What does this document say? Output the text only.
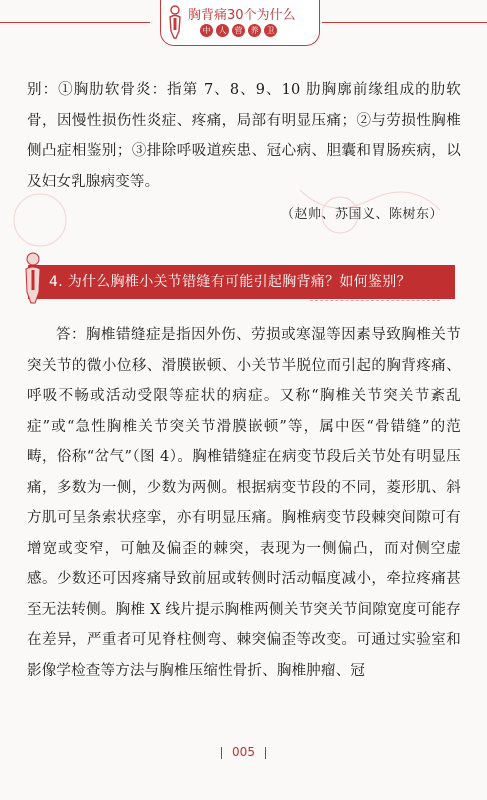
胸背痛30个为什么
中	人	营	养	卫

别：①胸肋软骨炎：指第 7、8、9、10 肋胸廓前缘组成的肋软骨，因慢性损伤性炎症、疼痛，局部有明显压痛；②与劳损性胸椎侧凸症相鉴别；③排除呼吸道疾患、冠心病、胆囊和胃肠疾病，以及妇女乳腺病变等。

（赵帅、苏国义、陈树东）
4. 为什么胸椎小关节错缝有可能引起胸背痛？如何鉴别？

答：胸椎错缝症是指因外伤、劳损或寒湿等因素导致胸椎关节突关节的微小位移、滑膜嵌顿、小关节半脱位而引起的胸背疼痛、呼吸不畅或活动受限等症状的病症。又称“胸椎关节突关节紊乱症”或“急性胸椎关节突关节滑膜嵌顿”等，属中医“骨错缝”的范畴，俗称“岔气”（图 4）。胸椎错缝症在病变节段后关节处有明显压痛，多数为一侧，少数为两侧。根据病变节段的不同，菱形肌、斜方肌可呈条索状痉挛，亦有明显压痛。胸椎病变节段棘突间隙可有增宽或变窄，可触及偏歪的棘突，表现为一侧偏凸，而对侧空虚感。少数还可因疼痛导致前屈或转侧时活动幅度减小，牵拉疼痛甚至无法转侧。胸椎 X 线片提示胸椎两侧关节突关节间隙宽度可能存在差异，严重者可见脊柱侧弯、棘突偏歪等改变。可通过实验室和影像学检查等方法与胸椎压缩性骨折、胸椎肿瘤、冠

005
